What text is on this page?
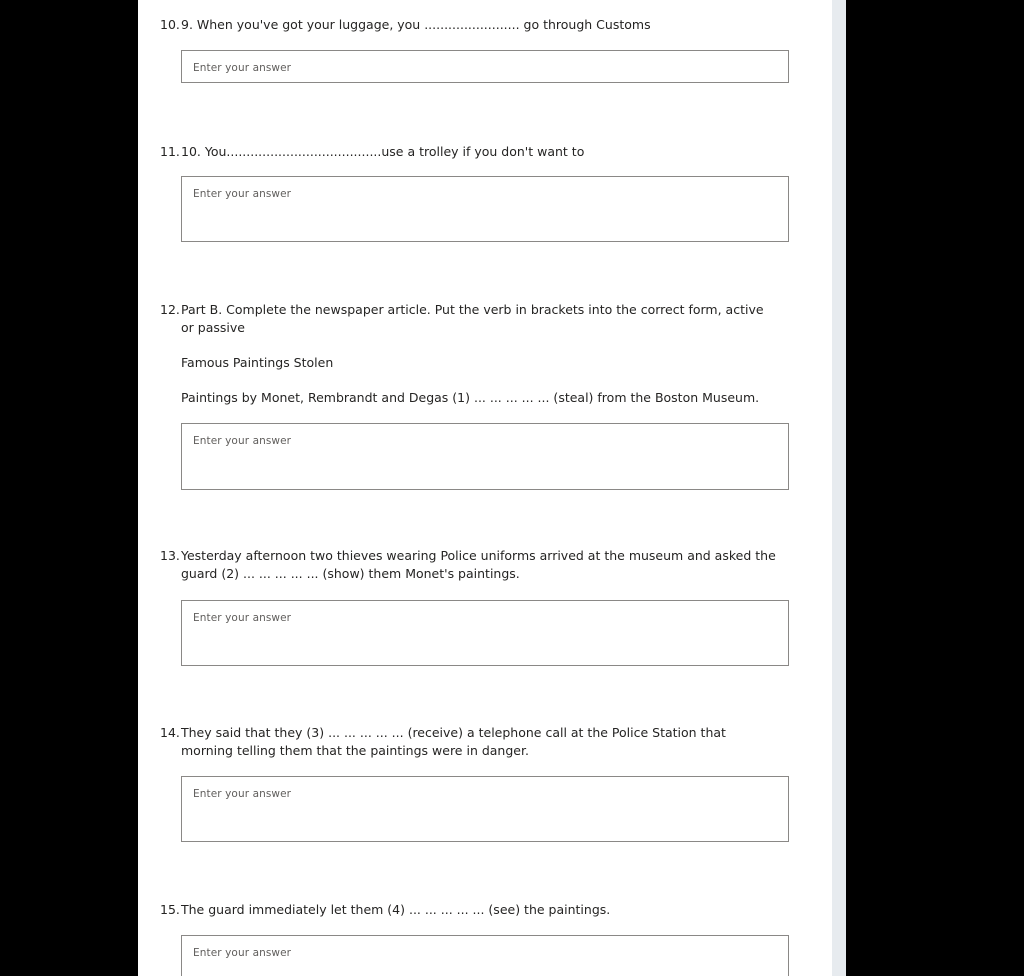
10. 9. When you've got your luggage, you ........................ go through Customs
Enter your answer
11. 10. You.......................................use a trolley if you don't want to
Enter your answer
12. Part B. Complete the newspaper article. Put the verb in brackets into the correct form, active or passive
Famous Paintings Stolen
Paintings by Monet, Rembrandt and Degas (1) ... ... ... ... ... (steal) from the Boston Museum.
Enter your answer
13. Yesterday afternoon two thieves wearing Police uniforms arrived at the museum and asked the guard (2) ... ... ... ... ... (show) them Monet's paintings.
Enter your answer
14. They said that they (3) ... ... ... ... ... (receive) a telephone call at the Police Station that morning telling them that the paintings were in danger.
Enter your answer
15. The guard immediately let them (4) ... ... ... ... ... (see) the paintings.
Enter your answer
